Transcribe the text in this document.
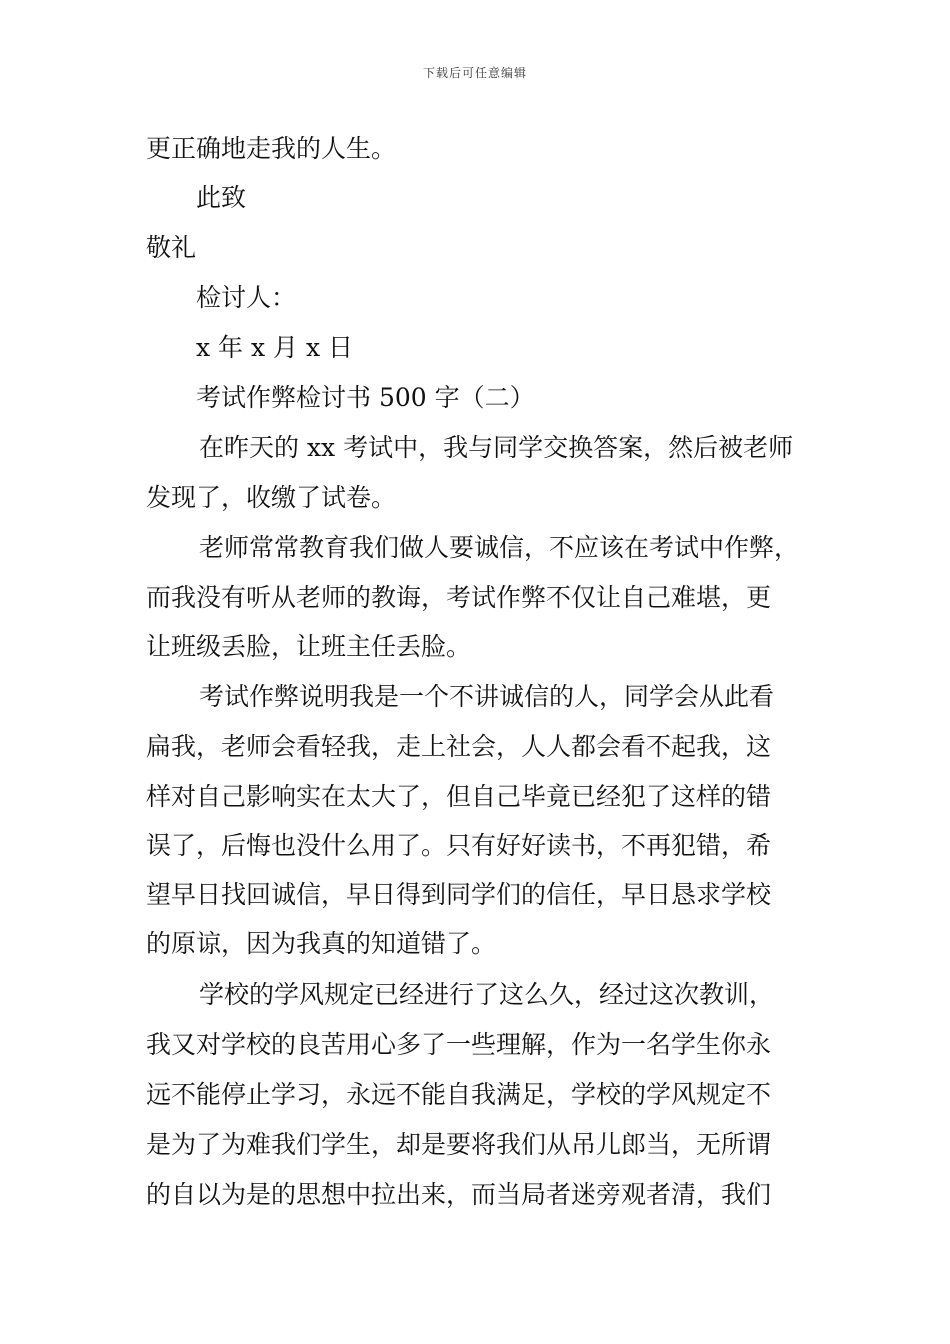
下载后可任意编辑
更正确地走我的人生。
此致
敬礼
检讨人：
x 年 x 月 x 日
考试作弊检讨书 500 字（二）
在昨天的 xx 考试中，我与同学交换答案，然后被老师
发现了，收缴了试卷。
老师常常教育我们做人要诚信，不应该在考试中作弊，
而我没有听从老师的教诲，考试作弊不仅让自己难堪，更
让班级丢脸，让班主任丢脸。
考试作弊说明我是一个不讲诚信的人，同学会从此看
扁我，老师会看轻我，走上社会，人人都会看不起我，这
样对自己影响实在太大了，但自己毕竟已经犯了这样的错
误了，后悔也没什么用了。只有好好读书，不再犯错，希
望早日找回诚信，早日得到同学们的信任，早日恳求学校
的原谅，因为我真的知道错了。
学校的学风规定已经进行了这么久，经过这次教训，
我又对学校的良苦用心多了一些理解，作为一名学生你永
远不能停止学习，永远不能自我满足，学校的学风规定不
是为了为难我们学生，却是要将我们从吊儿郎当，无所谓
的自以为是的思想中拉出来，而当局者迷旁观者清，我们
